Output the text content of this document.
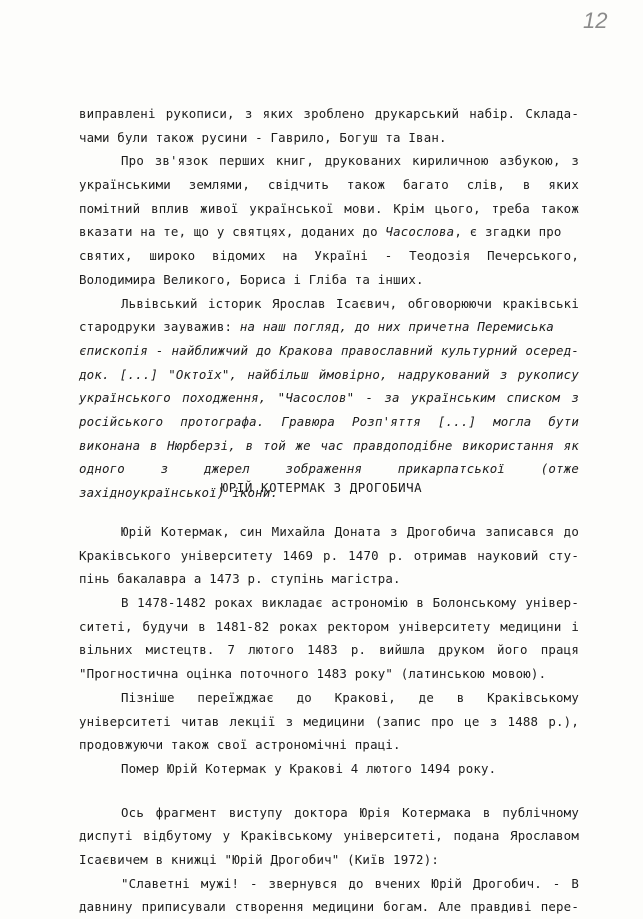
12
виправлені рукописи, з яких зроблено друкарський набір. Склада-
чами були також русини - Гаврило, Богуш та Іван.
Про зв'язок перших книг, друкованих кириличною азбукою, з
українськими землями, свідчить також багато слів, в яких
помітний вплив живої української мови. Крім цього, треба також
вказати на те, що у святцях, доданих до Часослова, є згадки про
святих, широко відомих на Україні - Теодозія Печерського,
Володимира Великого, Бориса і Гліба та інших.
Львівський історик Ярослав Ісаєвич, обговорюючи краківські
стародруки зауважив: на наш погляд, до них причетна Перемиська
єпископія - найближчий до Кракова православний культурний осеред-
док. [...] "Октоїх", найбільш ймовірно, надрукований з рукопису
українського походження, "Часослов" - за українським списком з
російського протографа. Гравюра Розп'яття [...] могла бути
виконана в Нюрберзі, в той же час правдоподібне використання як
одного з джерел зображення прикарпатської (отже
західноукраїнської) ікони.
ЮРІЙ КОТЕРМАК З ДРОГОБИЧА
Юрій Котермак, син Михайла Доната з Дрогобича записався до
Краківського університету 1469 р. 1470 р. отримав науковий сту-
пінь бакалавра а 1473 р. ступінь магістра.
В 1478-1482 роках викладає астрономію в Болонському універ-
ситеті, будучи в 1481-82 роках ректором університету медицини і
вільних мистецтв. 7 лютого 1483 р. вийшла друком його праця
"Прогностична оцінка поточного 1483 року" (латинською мовою).
Пізніше переїжджає до Кракові, де в Краківському
університеті читав лекції з медицини (запис про це з 1488 р.),
продовжуючи також свої астрономічні праці.
Помер Юрій Котермак у Кракові 4 лютого 1494 року.
Ось фрагмент виступу доктора Юрія Котермака в публічному
диспуті відбутому у Краківському університеті, подана Ярославом
Ісаєвичем в книжці "Юрій Дрогобич" (Київ 1972):
"Славетні мужі! - звернувся до вчених Юрій Дрогобич. - В
давнину приписували створення медицини богам. Але правдиві пере-
